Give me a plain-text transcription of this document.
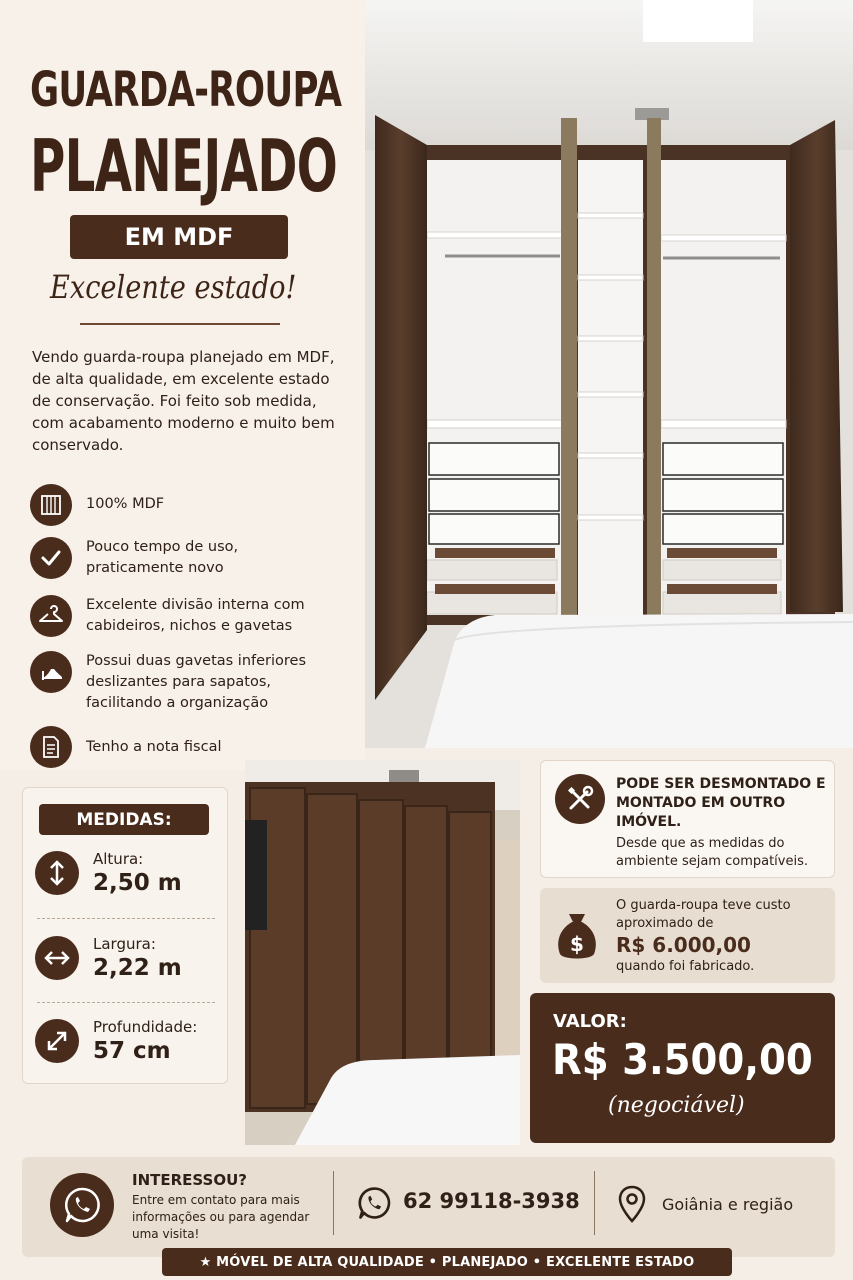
GUARDA-ROUPA
PLANEJADO
EM MDF
Excelente estado!
Vendo guarda-roupa planejado em MDF, de alta qualidade, em excelente estado de conservação. Foi feito sob medida, com acabamento moderno e muito bem conservado.
100% MDF
Pouco tempo de uso, praticamente novo
Excelente divisão interna com cabideiros, nichos e gavetas
Possui duas gavetas inferiores deslizantes para sapatos, facilitando a organização
Tenho a nota fiscal
MEDIDAS:
Altura:
2,50 m
Largura:
2,22 m
Profundidade:
57 cm
PODE SER DESMONTADO E MONTADO EM OUTRO IMÓVEL.
Desde que as medidas do ambiente sejam compatíveis.
$
O guarda-roupa teve custo aproximado de
R$ 6.000,00
quando foi fabricado.
VALOR:
R$ 3.500,00
(negociável)
INTERESSOU?
Entre em contato para mais informações ou para agendar uma visita!
62 99118-3938	Goiânia e região
★ MÓVEL DE ALTA QUALIDADE • PLANEJADO • EXCELENTE ESTADO
